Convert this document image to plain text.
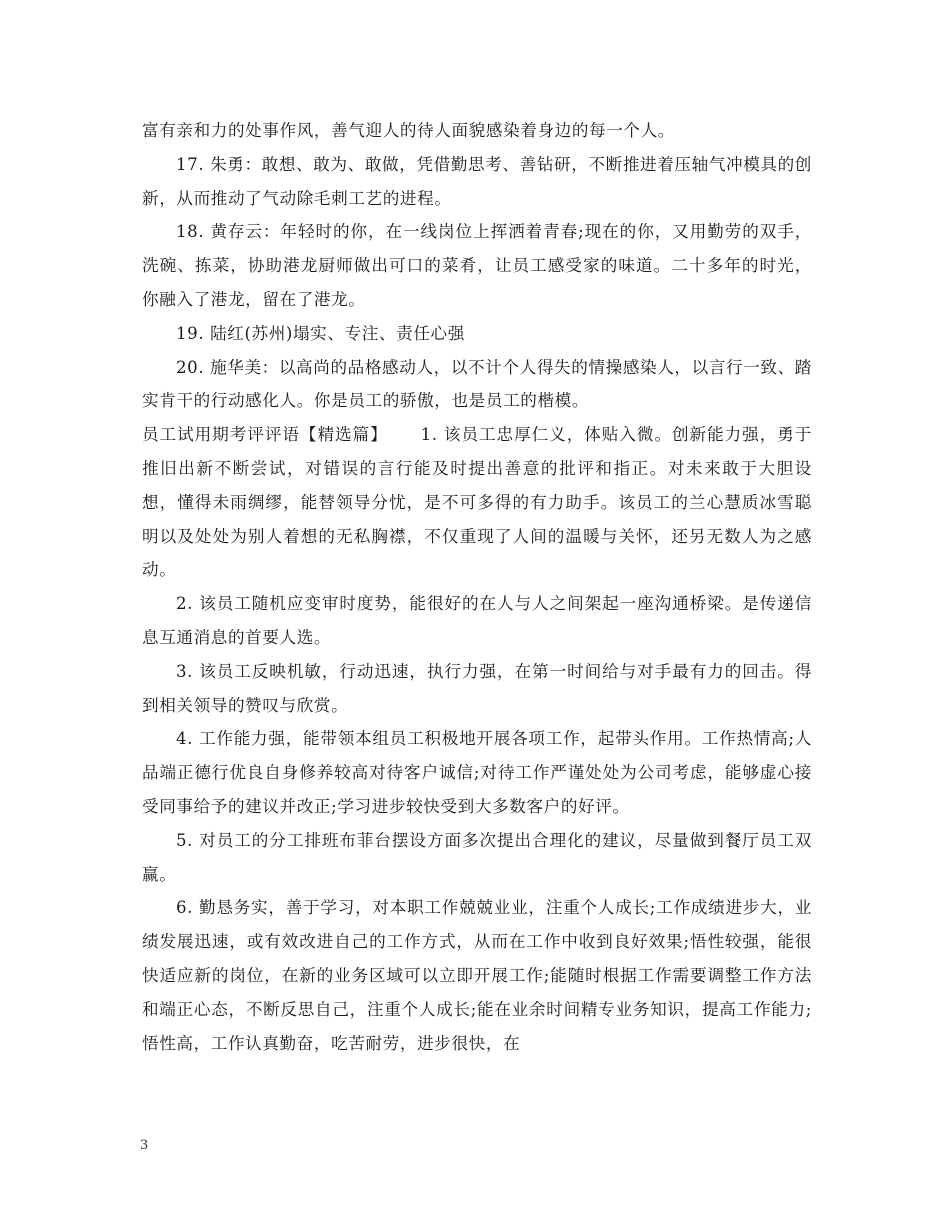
富有亲和力的处事作风，善气迎人的待人面貌感染着身边的每一个人。

17. 朱勇：敢想、敢为、敢做，凭借勤思考、善钻研，不断推进着压轴气冲模具的创新，从而推动了气动除毛刺工艺的进程。

18. 黄存云：年轻时的你，在一线岗位上挥洒着青春;现在的你，又用勤劳的双手，洗碗、拣菜，协助港龙厨师做出可口的菜肴，让员工感受家的味道。二十多年的时光，你融入了港龙，留在了港龙。

19. 陆红(苏州)塌实、专注、责任心强

20. 施华美：以高尚的品格感动人，以不计个人得失的情操感染人，以言行一致、踏实肯干的行动感化人。你是员工的骄傲，也是员工的楷模。

员工试用期考评评语【精选篇】　　 1. 该员工忠厚仁义，体贴入微。创新能力强，勇于推旧出新不断尝试，对错误的言行能及时提出善意的批评和指正。对未来敢于大胆设想，懂得未雨绸缪，能替领导分忧，是不可多得的有力助手。该员工的兰心慧质冰雪聪明以及处处为别人着想的无私胸襟，不仅重现了人间的温暖与关怀，还另无数人为之感动。

2. 该员工随机应变审时度势，能很好的在人与人之间架起一座沟通桥梁。是传递信息互通消息的首要人选。

3. 该员工反映机敏，行动迅速，执行力强，在第一时间给与对手最有力的回击。得到相关领导的赞叹与欣赏。

4. 工作能力强，能带领本组员工积极地开展各项工作，起带头作用。工作热情高;人品端正德行优良自身修养较高对待客户诚信;对待工作严谨处处为公司考虑，能够虚心接受同事给予的建议并改正;学习进步较快受到大多数客户的好评。

5. 对员工的分工排班布菲台摆设方面多次提出合理化的建议，尽量做到餐厅员工双赢。

6. 勤恳务实，善于学习，对本职工作兢兢业业，注重个人成长;工作成绩进步大，业绩发展迅速，或有效改进自己的工作方式，从而在工作中收到良好效果;悟性较强，能很快适应新的岗位，在新的业务区域可以立即开展工作;能随时根据工作需要调整工作方法和端正心态，不断反思自己，注重个人成长;能在业余时间精专业务知识，提高工作能力;悟性高，工作认真勤奋，吃苦耐劳，进步很快，在

3
